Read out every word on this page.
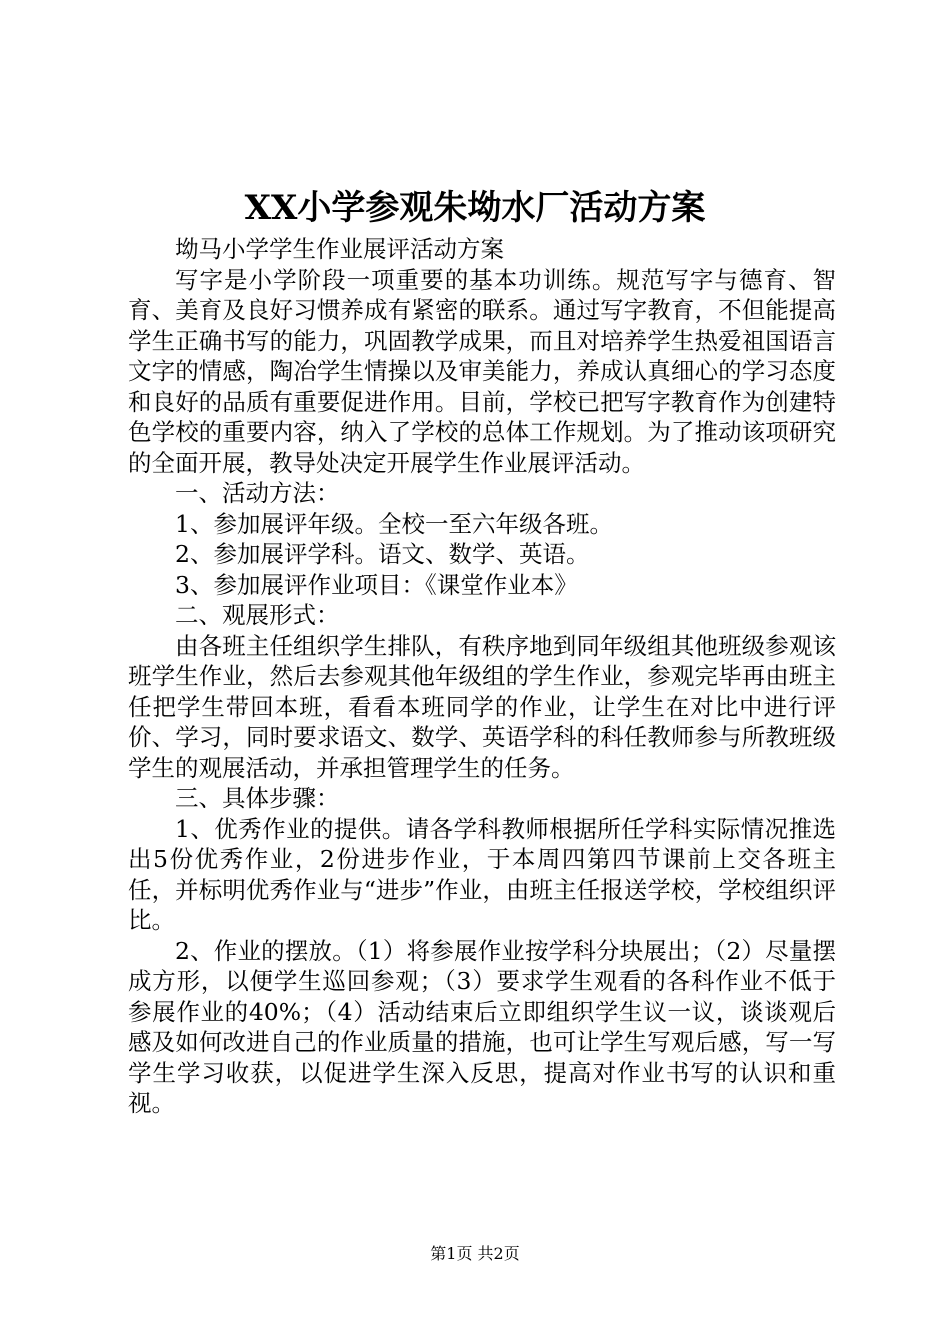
XX小学参观朱坳水厂活动方案

坳马小学学生作业展评活动方案

写字是小学阶段一项重要的基本功训练。规范写字与德育、智育、美育及良好习惯养成有紧密的联系。通过写字教育，不但能提高学生正确书写的能力，巩固教学成果，而且对培养学生热爱祖国语言文字的情感，陶冶学生情操以及审美能力，养成认真细心的学习态度和良好的品质有重要促进作用。目前，学校已把写字教育作为创建特色学校的重要内容，纳入了学校的总体工作规划。为了推动该项研究的全面开展，教导处决定开展学生作业展评活动。

一、活动方法：

1、参加展评年级。全校一至六年级各班。

2、参加展评学科。语文、数学、英语。

3、参加展评作业项目：《课堂作业本》

二、观展形式：

由各班主任组织学生排队，有秩序地到同年级组其他班级参观该班学生作业，然后去参观其他年级组的学生作业，参观完毕再由班主任把学生带回本班，看看本班同学的作业，让学生在对比中进行评价、学习，同时要求语文、数学、英语学科的科任教师参与所教班级学生的观展活动，并承担管理学生的任务。

三、具体步骤：

1、优秀作业的提供。请各学科教师根据所任学科实际情况推选出5份优秀作业，2份进步作业，于本周四第四节课前上交各班主任，并标明优秀作业与“进步”作业，由班主任报送学校，学校组织评比。

2、作业的摆放。（1）将参展作业按学科分块展出；（2）尽量摆成方形，以便学生巡回参观；（3）要求学生观看的各科作业不低于参展作业的40%；（4）活动结束后立即组织学生议一议，谈谈观后感及如何改进自己的作业质量的措施，也可让学生写观后感，写一写学生学习收获，以促进学生深入反思，提高对作业书写的认识和重视。

第1页 共2页
